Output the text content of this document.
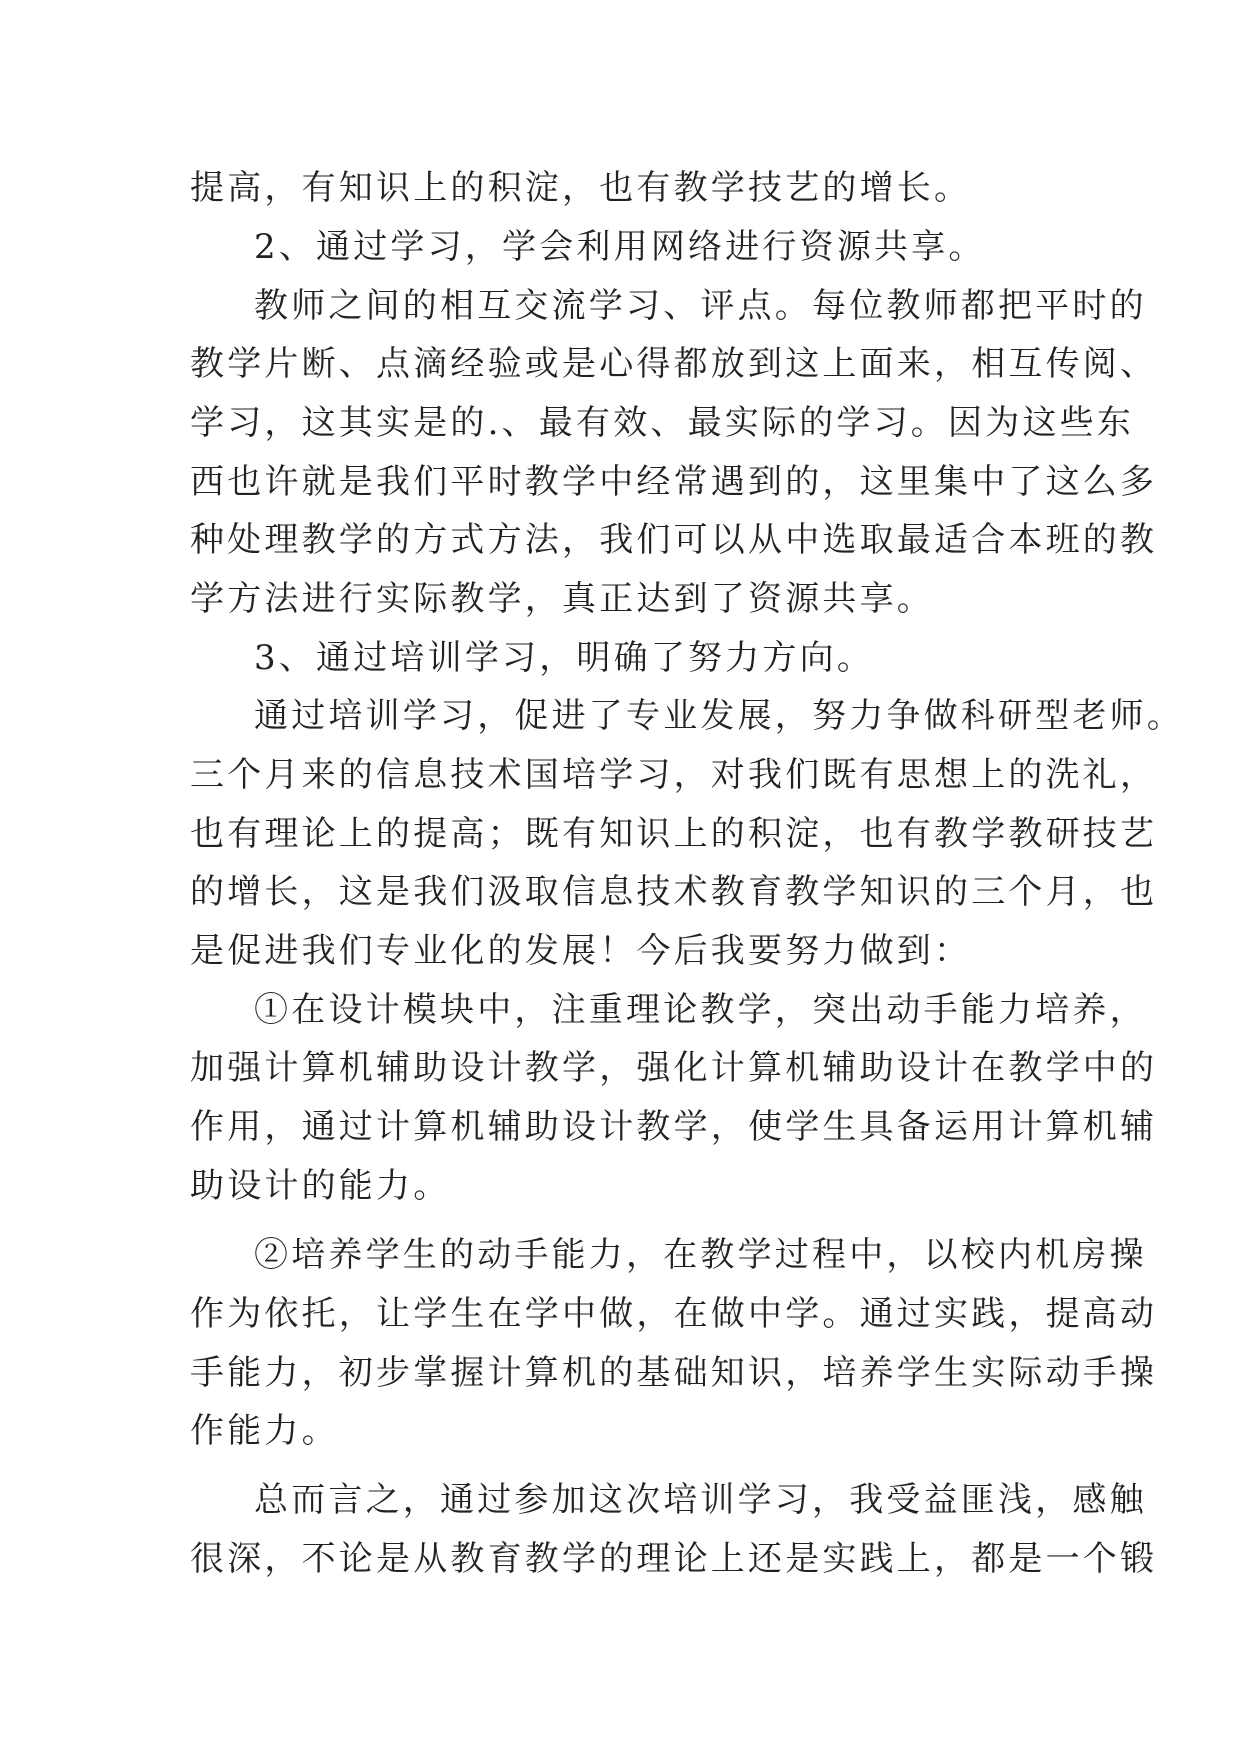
提高，有知识上的积淀，也有教学技艺的增长。
2、通过学习，学会利用网络进行资源共享。
教师之间的相互交流学习、评点。每位教师都把平时的
教学片断、点滴经验或是心得都放到这上面来，相互传阅、
学习，这其实是的.、最有效、最实际的学习。因为这些东
西也许就是我们平时教学中经常遇到的，这里集中了这么多
种处理教学的方式方法，我们可以从中选取最适合本班的教
学方法进行实际教学，真正达到了资源共享。
3、通过培训学习，明确了努力方向。
通过培训学习，促进了专业发展，努力争做科研型老师。
三个月来的信息技术国培学习，对我们既有思想上的洗礼，
也有理论上的提高；既有知识上的积淀，也有教学教研技艺
的增长，这是我们汲取信息技术教育教学知识的三个月，也
是促进我们专业化的发展！今后我要努力做到：
①在设计模块中，注重理论教学，突出动手能力培养，
加强计算机辅助设计教学，强化计算机辅助设计在教学中的
作用，通过计算机辅助设计教学，使学生具备运用计算机辅
助设计的能力。
②培养学生的动手能力，在教学过程中，以校内机房操
作为依托，让学生在学中做，在做中学。通过实践，提高动
手能力，初步掌握计算机的基础知识，培养学生实际动手操
作能力。
总而言之，通过参加这次培训学习，我受益匪浅，感触
很深，不论是从教育教学的理论上还是实践上，都是一个锻
